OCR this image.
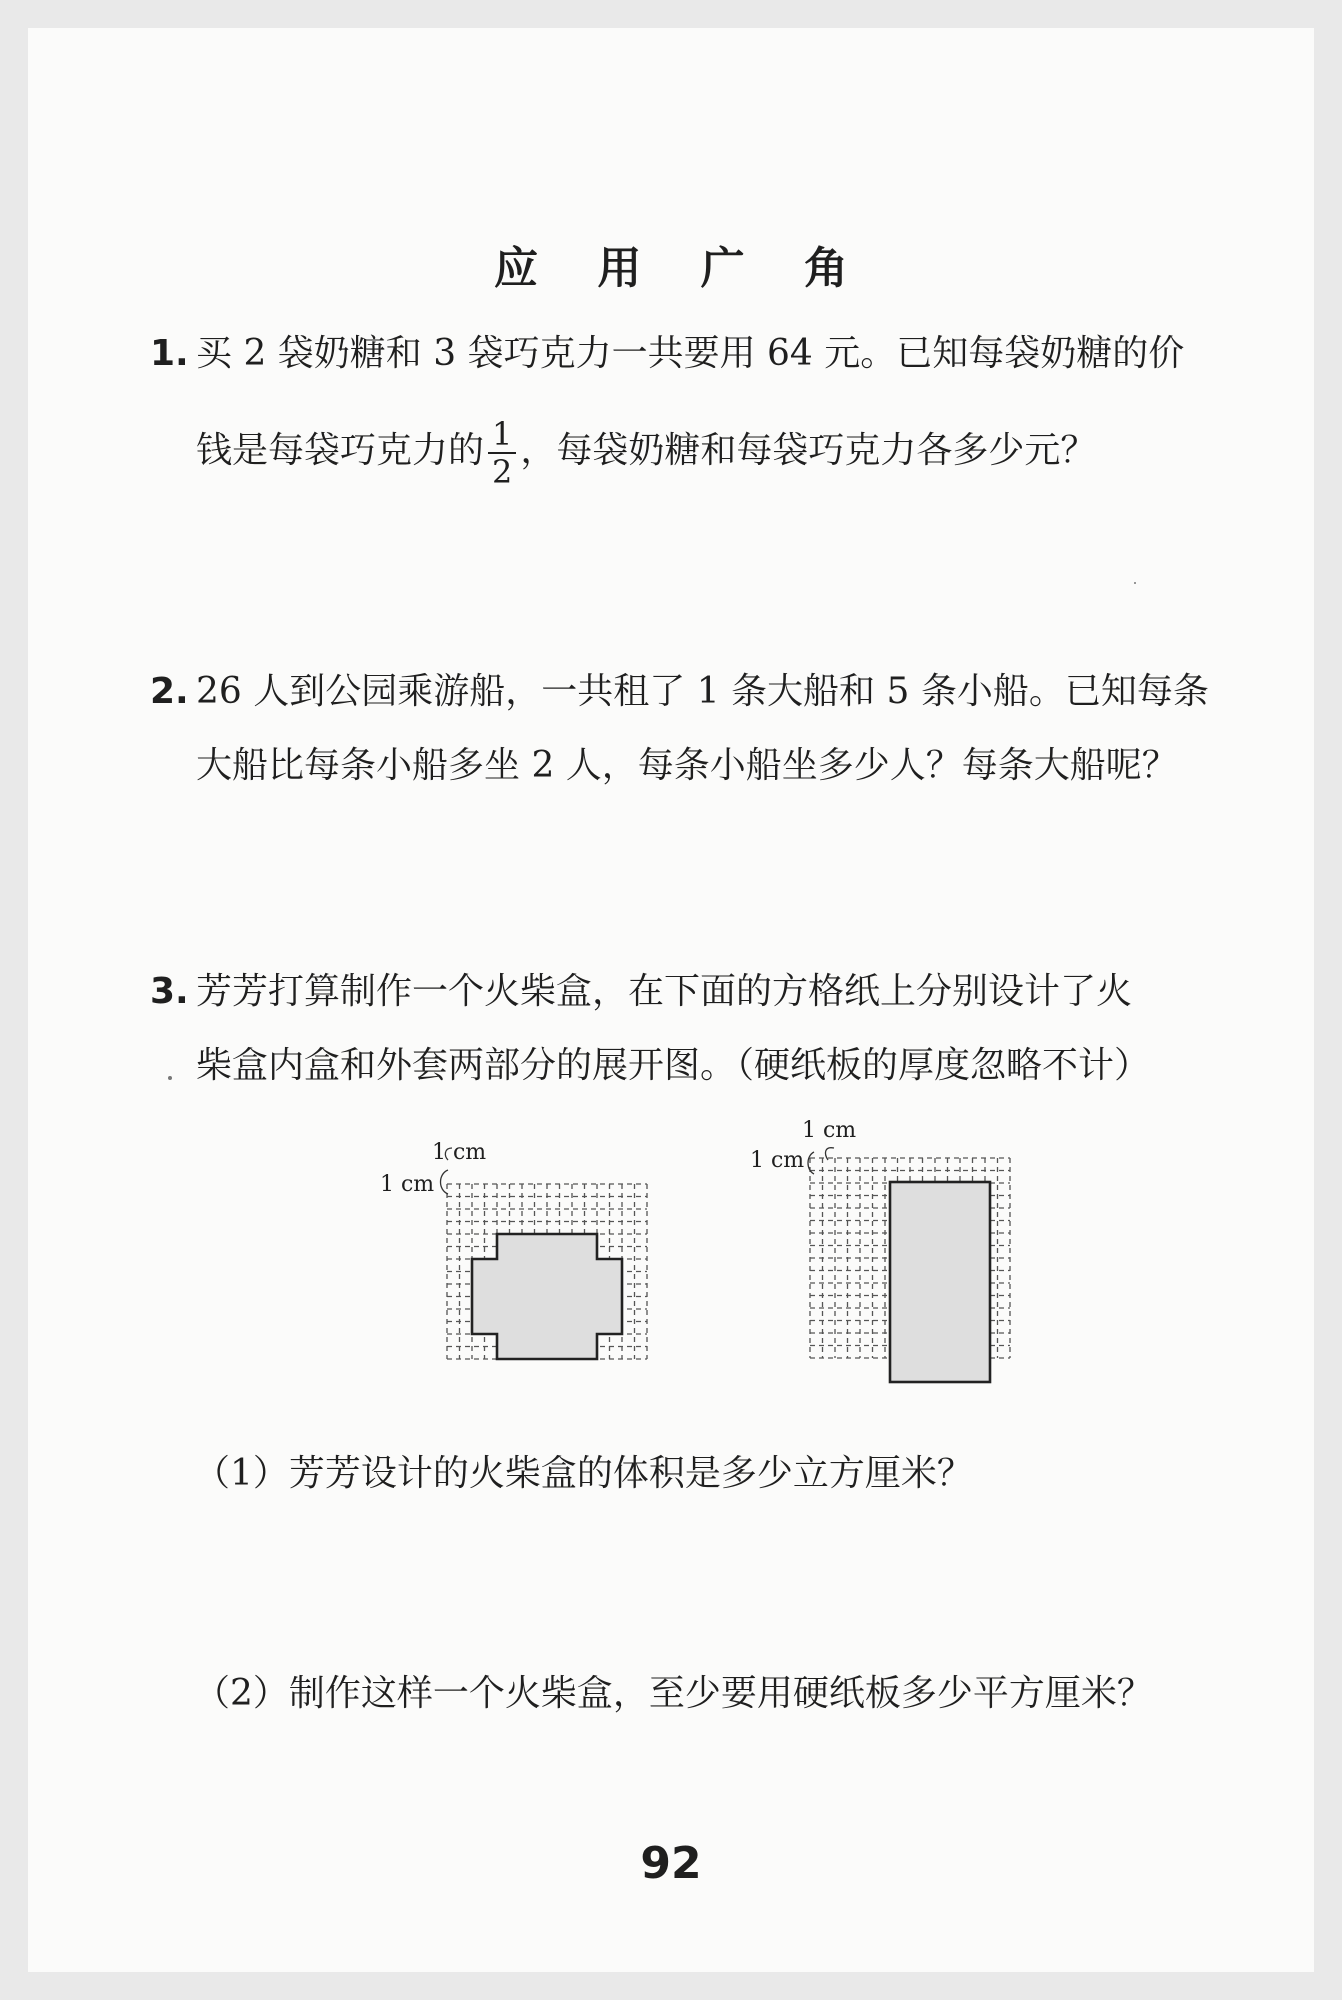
应 用 广 角
1. 买 2 袋奶糖和 3 袋巧克力一共要用 64 元。已知每袋奶糖的价
钱是每袋巧克力的 $\frac{1}{2}$ ，每袋奶糖和每袋巧克力各多少元？
2. 26 人到公园乘游船，一共租了 1 条大船和 5 条小船。已知每条
大船比每条小船多坐 2 人，每条小船坐多少人？每条大船呢？
3. 芳芳打算制作一个火柴盒，在下面的方格纸上分别设计了火
柴盒内盒和外套两部分的展开图。（硬纸板的厚度忽略不计）
1 cm
1 cm
1 cm
1 cm
（1）芳芳设计的火柴盒的体积是多少立方厘米？
（2）制作这样一个火柴盒，至少要用硬纸板多少平方厘米？
92
